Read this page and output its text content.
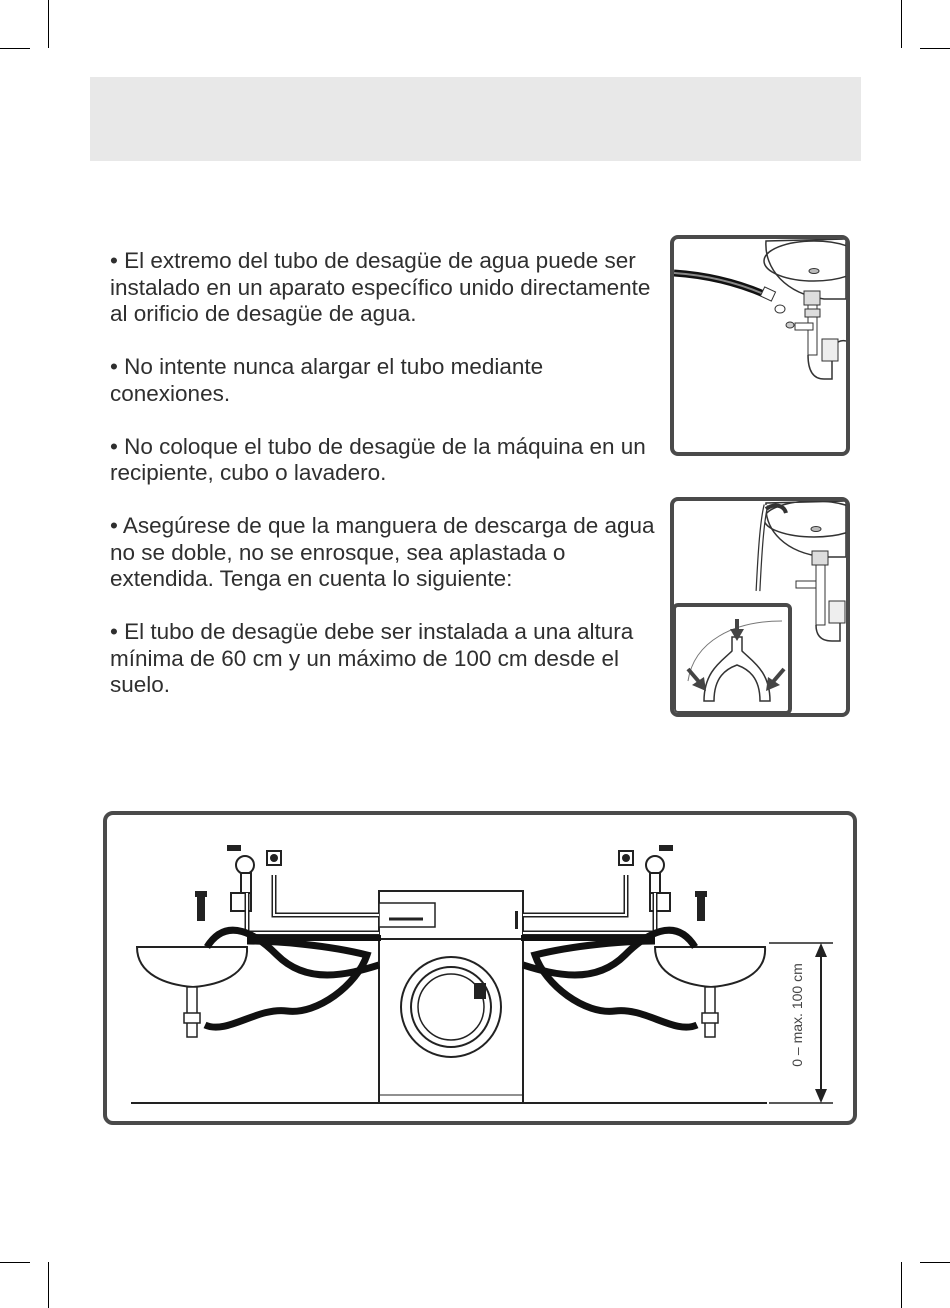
• El extremo del tubo de desagüe de agua puede ser instalado en un aparato específico unido directamente al orificio de desagüe de agua.

• No intente nunca alargar el tubo mediante conexiones.

• No coloque el tubo de desagüe de la máquina en un recipiente, cubo o lavadero.

• Asegúrese de que la manguera de descarga de agua no se doble, no se enrosque, sea aplastada o extendida. Tenga en cuenta lo siguiente:

• El tubo de desagüe debe ser instalada a una altura mínima de 60 cm y un máximo de 100 cm desde el suelo.

0 – max. 100 cm
